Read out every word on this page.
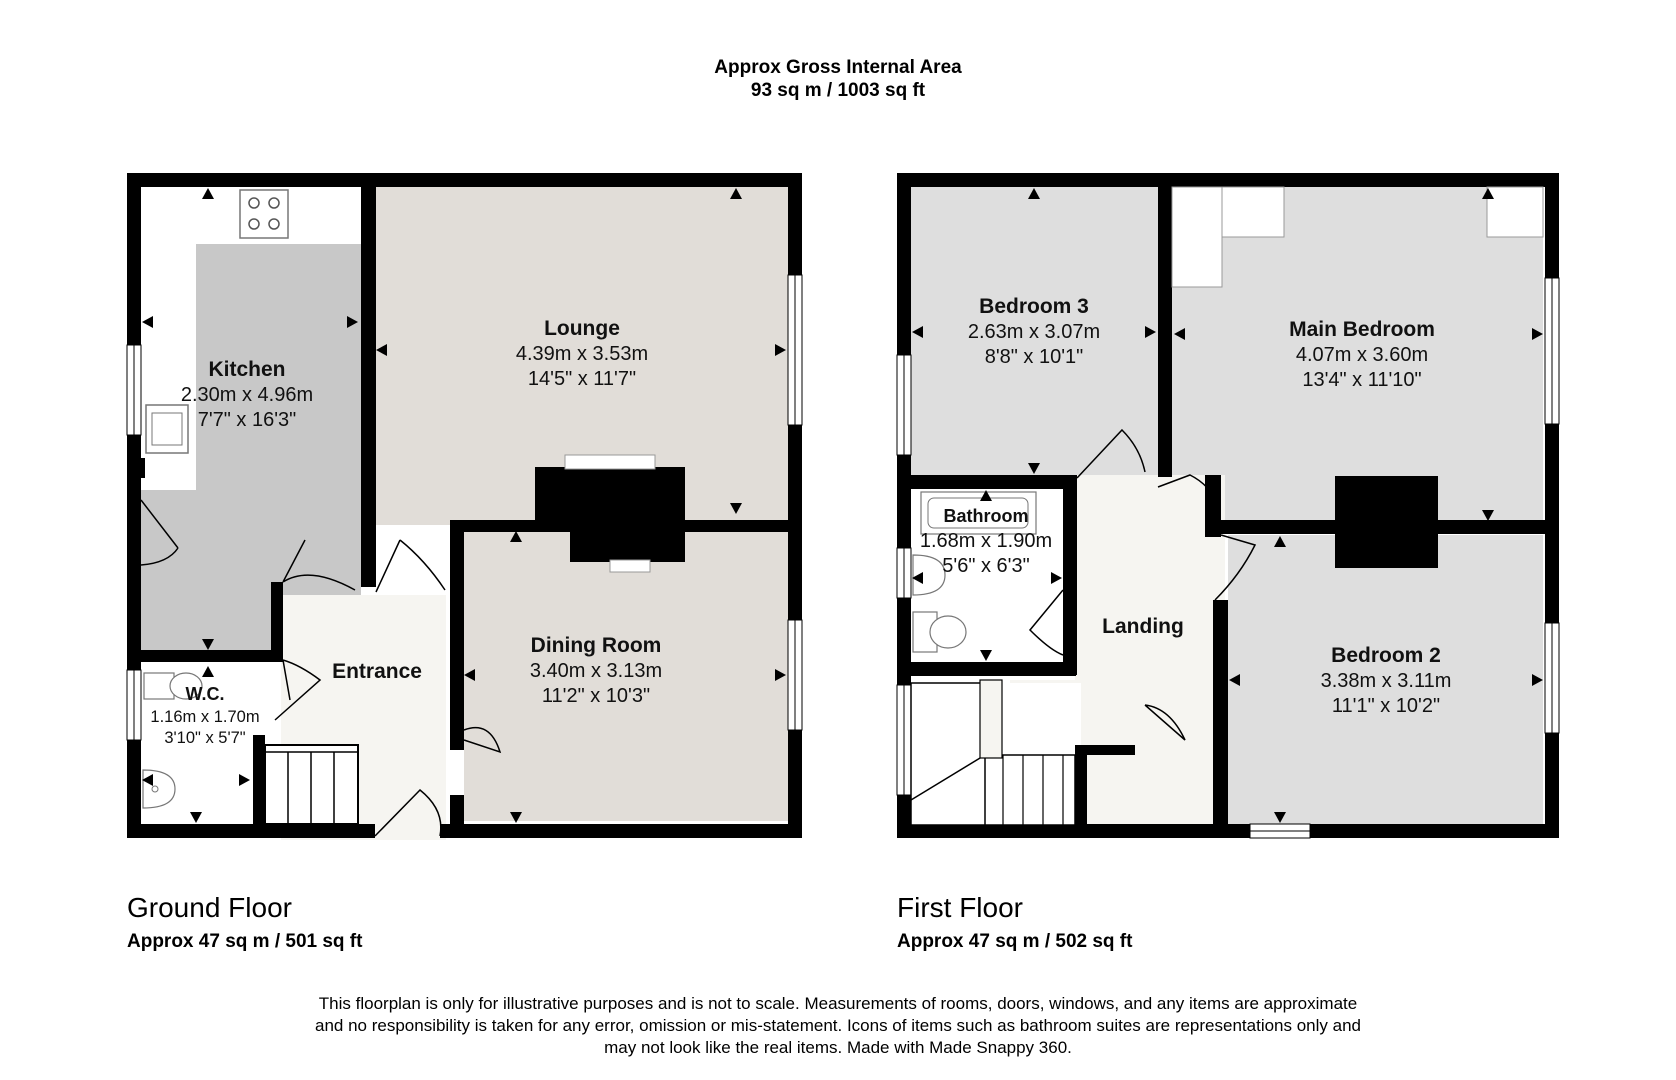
Approx Gross Internal Area
93 sq m / 1003 sq ft
Kitchen
2.30m x 4.96m
7'7" x 16'3"
Lounge
4.39m x 3.53m
14'5" x 11'7"
Dining Room
3.40m x 3.13m
11'2" x 10'3"
Entrance
W.C.
1.16m x 1.70m
3'10" x 5'7"
Bedroom 3
2.63m x 3.07m
8'8" x 10'1"
Main Bedroom
4.07m x 3.60m
13'4" x 11'10"
Bathroom
1.68m x 1.90m
5'6" x 6'3"
Landing
Bedroom 2
3.38m x 3.11m
11'1" x 10'2"
Ground Floor
Approx 47 sq m / 501 sq ft
First Floor
Approx 47 sq m / 502 sq ft
This floorplan is only for illustrative purposes and is not to scale. Measurements of rooms, doors, windows, and any items are approximate
and no responsibility is taken for any error, omission or mis-statement. Icons of items such as bathroom suites are representations only and
may not look like the real items. Made with Made Snappy 360.
